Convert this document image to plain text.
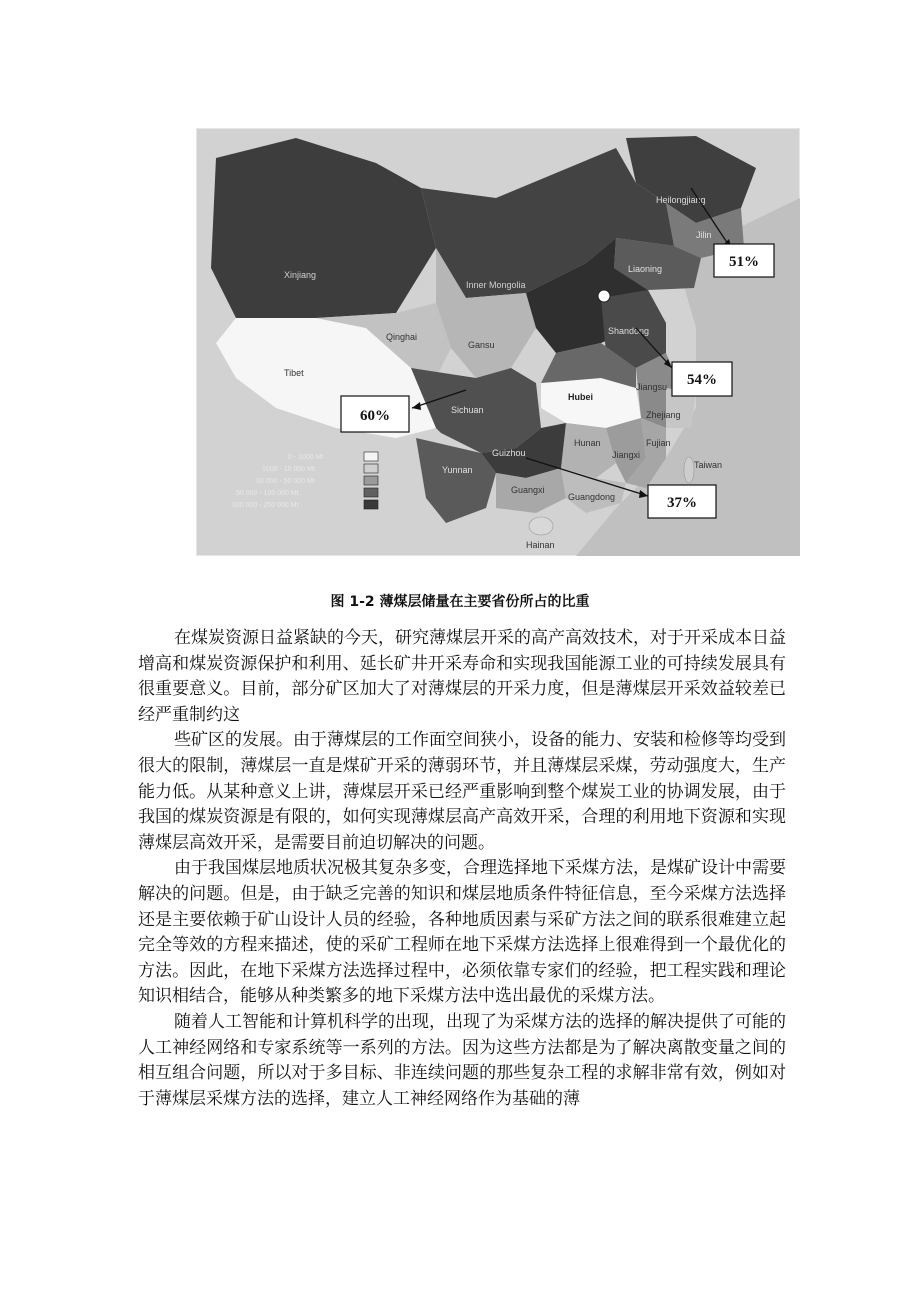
Heilongjiang
Jilin
Liaoning
Xinjiang
Inner Mongolia
Qinghai
Gansu
Tibet
Sichuan
Hubei
Hunan
Yunnan
Guizhou
Guangxi
Guangdong
Jiangxi
Fujian
Zhejiang
Shandong
Jiangsu
Taiwan
Hainan
0 - 1000 Mt
1000 - 10 000 Mt
10 000 - 50 000 Mt
50 000 - 100 000 Mt
100 000 - 250 000 Mt
51%
54%
60%
37%
图 1-2 薄煤层储量在主要省份所占的比重

在煤炭资源日益紧缺的今天，研究薄煤层开采的高产高效技术，对于开采成本日益增高和煤炭资源保护和利用、延长矿井开采寿命和实现我国能源工业的可持续发展具有很重要意义。目前，部分矿区加大了对薄煤层的开采力度，但是薄煤层开采效益较差已经严重制约这

些矿区的发展。由于薄煤层的工作面空间狭小，设备的能力、安装和检修等均受到很大的限制，薄煤层一直是煤矿开采的薄弱环节，并且薄煤层采煤，劳动强度大，生产能力低。从某种意义上讲，薄煤层开采已经严重影响到整个煤炭工业的协调发展，由于我国的煤炭资源是有限的，如何实现薄煤层高产高效开采，合理的利用地下资源和实现薄煤层高效开采，是需要目前迫切解决的问题。

由于我国煤层地质状况极其复杂多变，合理选择地下采煤方法，是煤矿设计中需要解决的问题。但是，由于缺乏完善的知识和煤层地质条件特征信息，至今采煤方法选择还是主要依赖于矿山设计人员的经验，各种地质因素与采矿方法之间的联系很难建立起完全等效的方程来描述，使的采矿工程师在地下采煤方法选择上很难得到一个最优化的方法。因此，在地下采煤方法选择过程中，必须依靠专家们的经验，把工程实践和理论知识相结合，能够从种类繁多的地下采煤方法中选出最优的采煤方法。

随着人工智能和计算机科学的出现，出现了为采煤方法的选择的解决提供了可能的人工神经网络和专家系统等一系列的方法。因为这些方法都是为了解决离散变量之间的相互组合问题，所以对于多目标、非连续问题的那些复杂工程的求解非常有效，例如对于薄煤层采煤方法的选择，建立人工神经网络作为基础的薄
